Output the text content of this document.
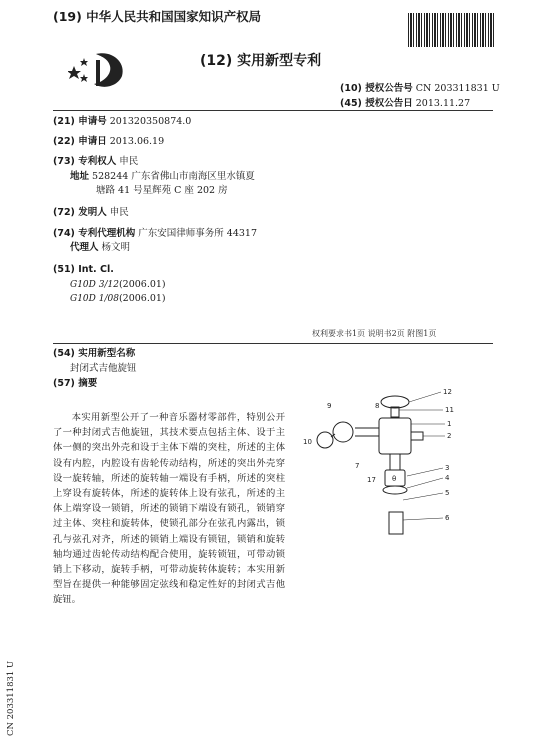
(19) 中华人民共和国国家知识产权局
(12) 实用新型专利
(10) 授权公告号 CN 203311831 U
(45) 授权公告日 2013.11.27
(21) 申请号 201320350874.0
(22) 申请日 2013.06.19
(73) 专利权人 申民
地址 528244 广东省佛山市南海区里水镇夏
塘路 41 号星辉苑 C 座 202 房
(72) 发明人 申民
(74) 专利代理机构 广东安国律师事务所 44317
代理人 杨文明
(51) Int. Cl.
G10D 3/12(2006.01)
G10D 1/08(2006.01)
权利要求书1页 说明书2页 附图1页
(54) 实用新型名称
封闭式吉他旋钮
(57) 摘要
本实用新型公开了一种音乐器材零部件，特别公开了一种封闭式吉他旋钮，其技术要点包括主体、设于主体一侧的突出外壳和设于主体下端的突柱，所述的主体设有内腔，内腔设有齿轮传动结构，所述的突出外壳穿设一旋转轴，所述的旋转轴一端设有手柄，所述的突柱上穿设有旋转体，所述的旋转体上设有弦孔，所述的主体上端穿设一锁销，所述的锁销下端设有锁孔，锁销穿过主体、突柱和旋转体，使锁孔部分在弦孔内露出，锁孔与弦孔对齐，所述的锁销上端设有锁钮，锁销和旋转轴均通过齿轮传动结构配合使用，旋转锁钮，可带动锁销上下移动，旋转手柄，可带动旋转体旋转；本实用新型旨在提供一种能够固定弦线和稳定性好的封闭式吉他旋钮。
CN 203311831 U
θ
12
11
1
2
9
10
8
7
17
3
4
5
6
